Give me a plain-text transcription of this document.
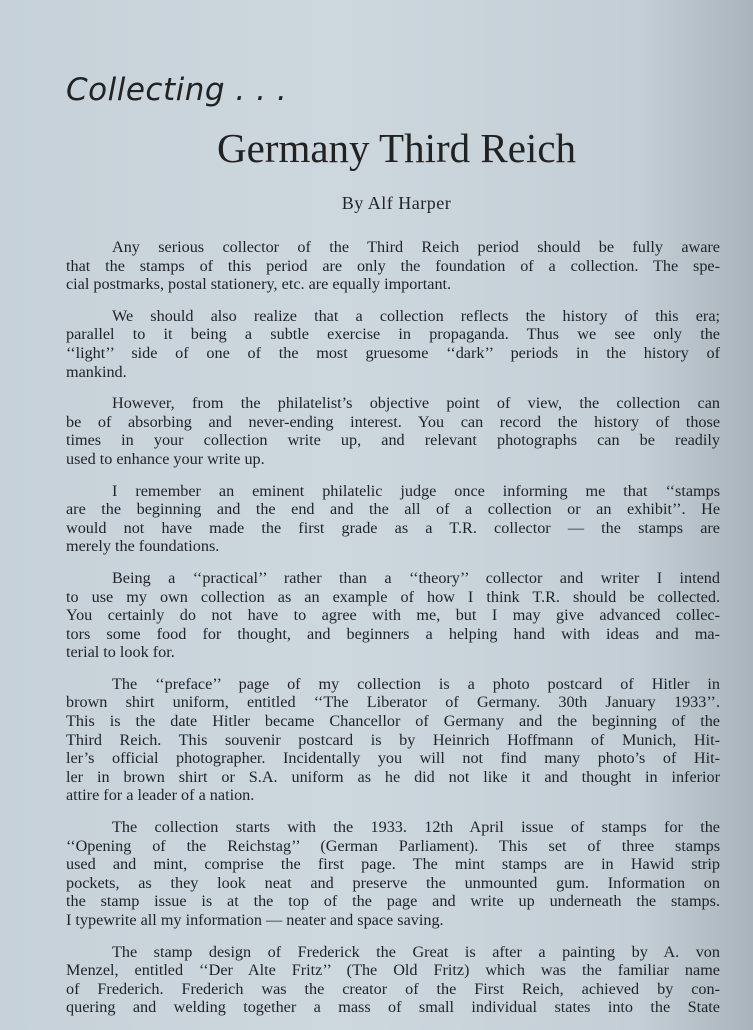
Collecting . . .
Germany Third Reich
By Alf Harper
Any serious collector of the Third Reich period should be fully aware
that the stamps of this period are only the foundation of a collection. The spe-
cial postmarks, postal stationery, etc. are equally important.
We should also realize that a collection reflects the history of this era;
parallel to it being a subtle exercise in propaganda. Thus we see only the
‘‘light’’ side of one of the most gruesome ‘‘dark’’ periods in the history of
mankind.
However, from the philatelist’s objective point of view, the collection can
be of absorbing and never-ending interest. You can record the history of those
times in your collection write up, and relevant photographs can be readily
used to enhance your write up.
I remember an eminent philatelic judge once informing me that ‘‘stamps
are the beginning and the end and the all of a collection or an exhibit’’. He
would not have made the first grade as a T.R. collector — the stamps are
merely the foundations.
Being a ‘‘practical’’ rather than a ‘‘theory’’ collector and writer I intend
to use my own collection as an example of how I think T.R. should be collected.
You certainly do not have to agree with me, but I may give advanced collec-
tors some food for thought, and beginners a helping hand with ideas and ma-
terial to look for.
The ‘‘preface’’ page of my collection is a photo postcard of Hitler in
brown shirt uniform, entitled ‘‘The Liberator of Germany. 30th January 1933’’.
This is the date Hitler became Chancellor of Germany and the beginning of the
Third Reich. This souvenir postcard is by Heinrich Hoffmann of Munich, Hit-
ler’s official photographer. Incidentally you will not find many photo’s of Hit-
ler in brown shirt or S.A. uniform as he did not like it and thought in inferior
attire for a leader of a nation.
The collection starts with the 1933. 12th April issue of stamps for the
‘‘Opening of the Reichstag’’ (German Parliament). This set of three stamps
used and mint, comprise the first page. The mint stamps are in Hawid strip
pockets, as they look neat and preserve the unmounted gum. Information on
the stamp issue is at the top of the page and write up underneath the stamps.
I typewrite all my information — neater and space saving.
The stamp design of Frederick the Great is after a painting by A. von
Menzel, entitled ‘‘Der Alte Fritz’’ (The Old Fritz) which was the familiar name
of Frederich. Frederich was the creator of the First Reich, achieved by con-
quering and welding together a mass of small individual states into the State
